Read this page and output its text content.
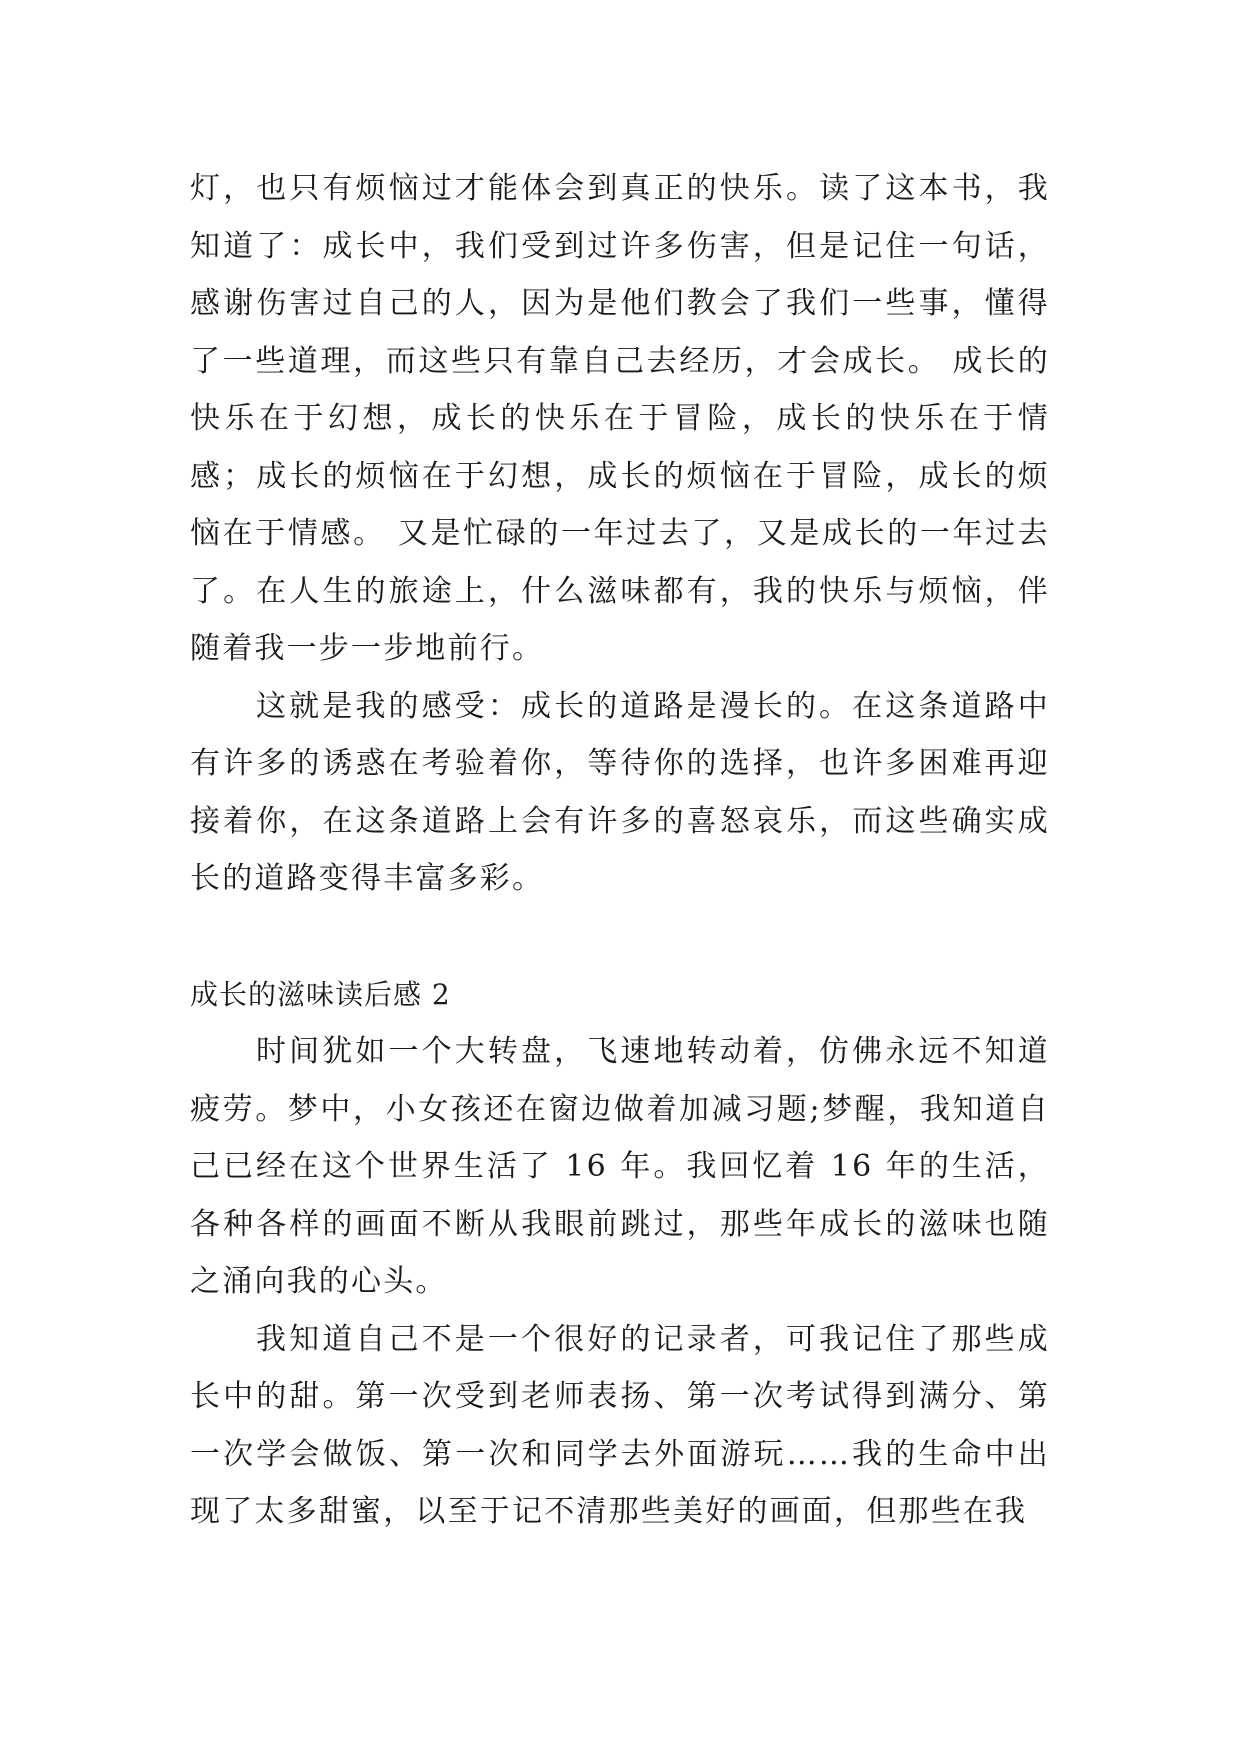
灯，也只有烦恼过才能体会到真正的快乐。读了这本书，我知道了：成长中，我们受到过许多伤害，但是记住一句话，感谢伤害过自己的人，因为是他们教会了我们一些事，懂得了一些道理，而这些只有靠自己去经历，才会成长。 成长的快乐在于幻想，成长的快乐在于冒险，成长的快乐在于情感；成长的烦恼在于幻想，成长的烦恼在于冒险，成长的烦恼在于情感。 又是忙碌的一年过去了，又是成长的一年过去了。在人生的旅途上，什么滋味都有，我的快乐与烦恼，伴随着我一步一步地前行。

这就是我的感受：成长的道路是漫长的。在这条道路中有许多的诱惑在考验着你，等待你的选择，也许多困难再迎接着你，在这条道路上会有许多的喜怒哀乐，而这些确实成长的道路变得丰富多彩。

成长的滋味读后感 2

时间犹如一个大转盘，飞速地转动着，仿佛永远不知道疲劳。梦中，小女孩还在窗边做着加减习题;梦醒，我知道自己已经在这个世界生活了 16 年。我回忆着 16 年的生活，各种各样的画面不断从我眼前跳过，那些年成长的滋味也随之涌向我的心头。

我知道自己不是一个很好的记录者，可我记住了那些成长中的甜。第一次受到老师表扬、第一次考试得到满分、第一次学会做饭、第一次和同学去外面游玩……我的生命中出现了太多甜蜜，以至于记不清那些美好的画面，但那些在我
